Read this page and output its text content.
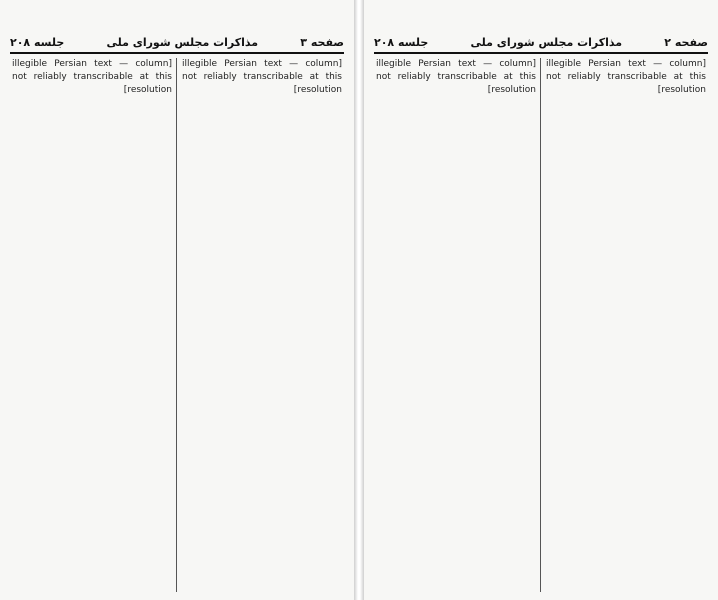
صفحه ۳
مذاکرات مجلس شورای ملی
جلسه ۲۰۸
[illegible Persian text — column not reliably transcribable at this resolution]
[illegible Persian text — column not reliably transcribable at this resolution]
صفحه ۲
مذاکرات مجلس شورای ملی
جلسه ۲۰۸
[illegible Persian text — column not reliably transcribable at this resolution]
[illegible Persian text — column not reliably transcribable at this resolution]
